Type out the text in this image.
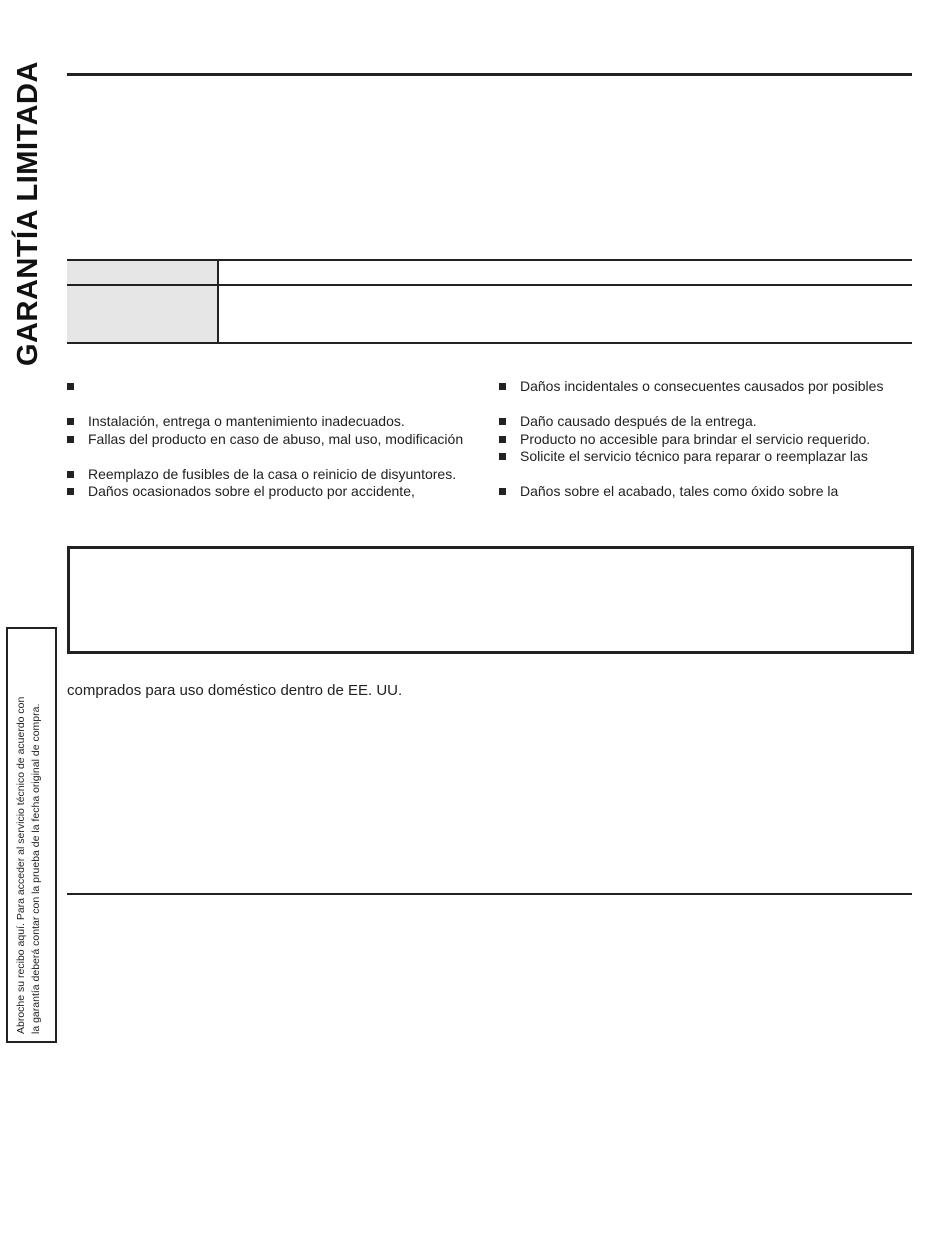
GARANTÍA LIMITADA
Instalación, entrega o mantenimiento inadecuados.
Fallas del producto en caso de abuso, mal uso, modificación
Reemplazo de fusibles de la casa o reinicio de disyuntores.
Daños ocasionados sobre el producto por accidente,
Daños incidentales o consecuentes causados por posibles
Daño causado después de la entrega.
Producto no accesible para brindar el servicio requerido.
Solicite el servicio técnico para reparar o reemplazar las
Daños sobre el acabado, tales como óxido sobre la
comprados para uso doméstico dentro de EE. UU.
Abroche su recibo aquí. Para acceder al servicio técnico de acuerdo con la garantía deberá contar con la prueba de la fecha original de compra.
